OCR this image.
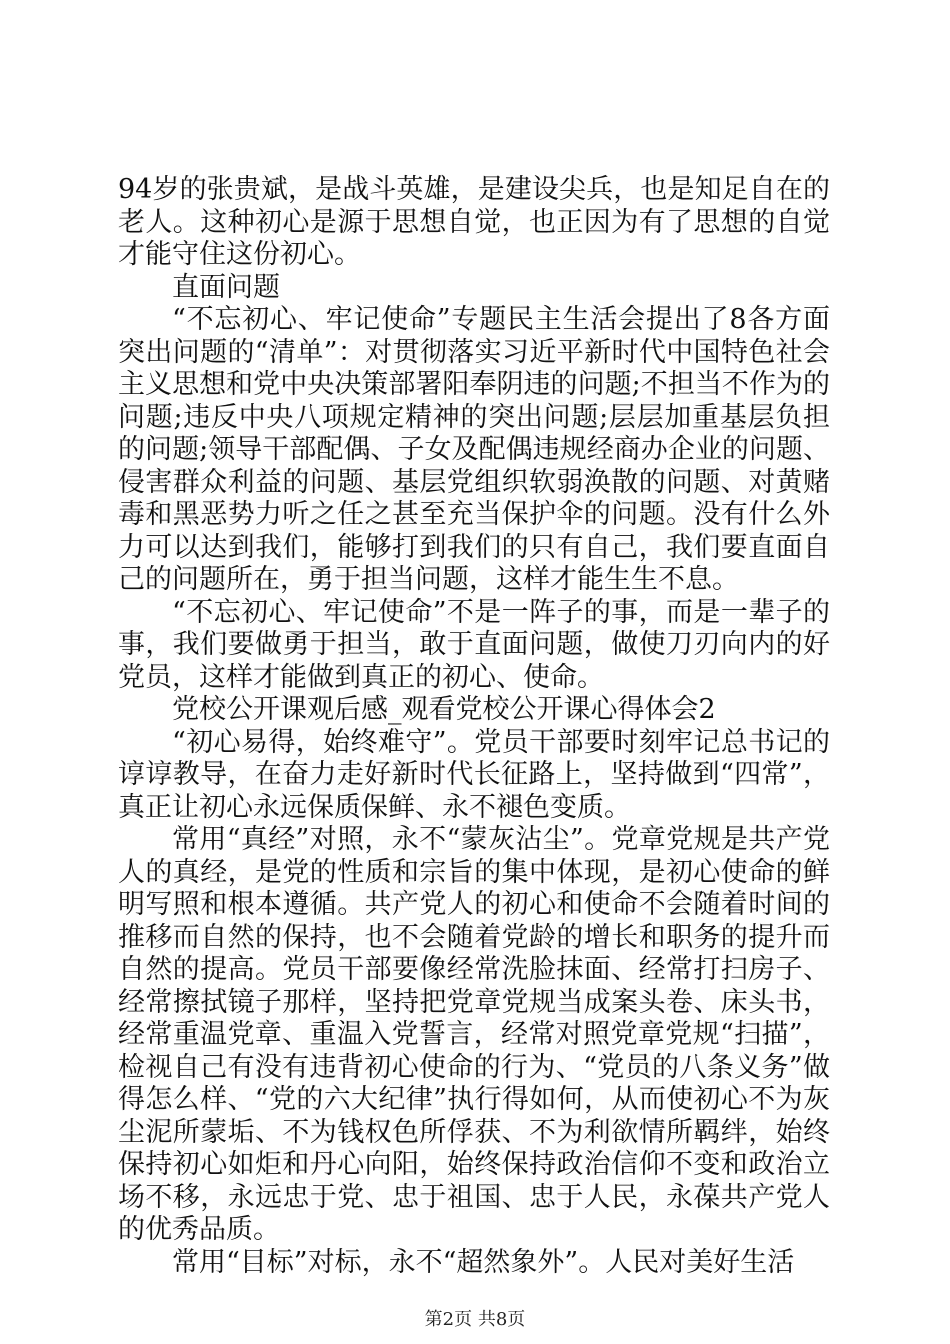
94岁的张贵斌，是战斗英雄，是建设尖兵，也是知足自在的老人。这种初心是源于思想自觉，也正因为有了思想的自觉才能守住这份初心。

直面问题

“不忘初心、牢记使命”专题民主生活会提出了8各方面突出问题的“清单”：对贯彻落实习近平新时代中国特色社会主义思想和党中央决策部署阳奉阴违的问题;不担当不作为的问题;违反中央八项规定精神的突出问题;层层加重基层负担的问题;领导干部配偶、子女及配偶违规经商办企业的问题、侵害群众利益的问题、基层党组织软弱涣散的问题、对黄赌毒和黑恶势力听之任之甚至充当保护伞的问题。没有什么外力可以达到我们，能够打到我们的只有自己，我们要直面自己的问题所在，勇于担当问题，这样才能生生不息。

“不忘初心、牢记使命”不是一阵子的事，而是一辈子的事，我们要做勇于担当，敢于直面问题，做使刀刃向内的好党员，这样才能做到真正的初心、使命。

党校公开课观后感_观看党校公开课心得体会2

“初心易得，始终难守”。党员干部要时刻牢记总书记的谆谆教导，在奋力走好新时代长征路上，坚持做到“四常”，真正让初心永远保质保鲜、永不褪色变质。

常用“真经”对照，永不“蒙灰沾尘”。党章党规是共产党人的真经，是党的性质和宗旨的集中体现，是初心使命的鲜明写照和根本遵循。共产党人的初心和使命不会随着时间的推移而自然的保持，也不会随着党龄的增长和职务的提升而自然的提高。党员干部要像经常洗脸抹面、经常打扫房子、经常擦拭镜子那样，坚持把党章党规当成案头卷、床头书，经常重温党章、重温入党誓言，经常对照党章党规“扫描”，检视自己有没有违背初心使命的行为、“党员的八条义务”做得怎么样、“党的六大纪律”执行得如何，从而使初心不为灰尘泥所蒙垢、不为钱权色所俘获、不为利欲情所羁绊，始终保持初心如炬和丹心向阳，始终保持政治信仰不变和政治立场不移，永远忠于党、忠于祖国、忠于人民，永葆共产党人的优秀品质。

常用“目标”对标，永不“超然象外”。人民对美好生活

第2页 共8页
